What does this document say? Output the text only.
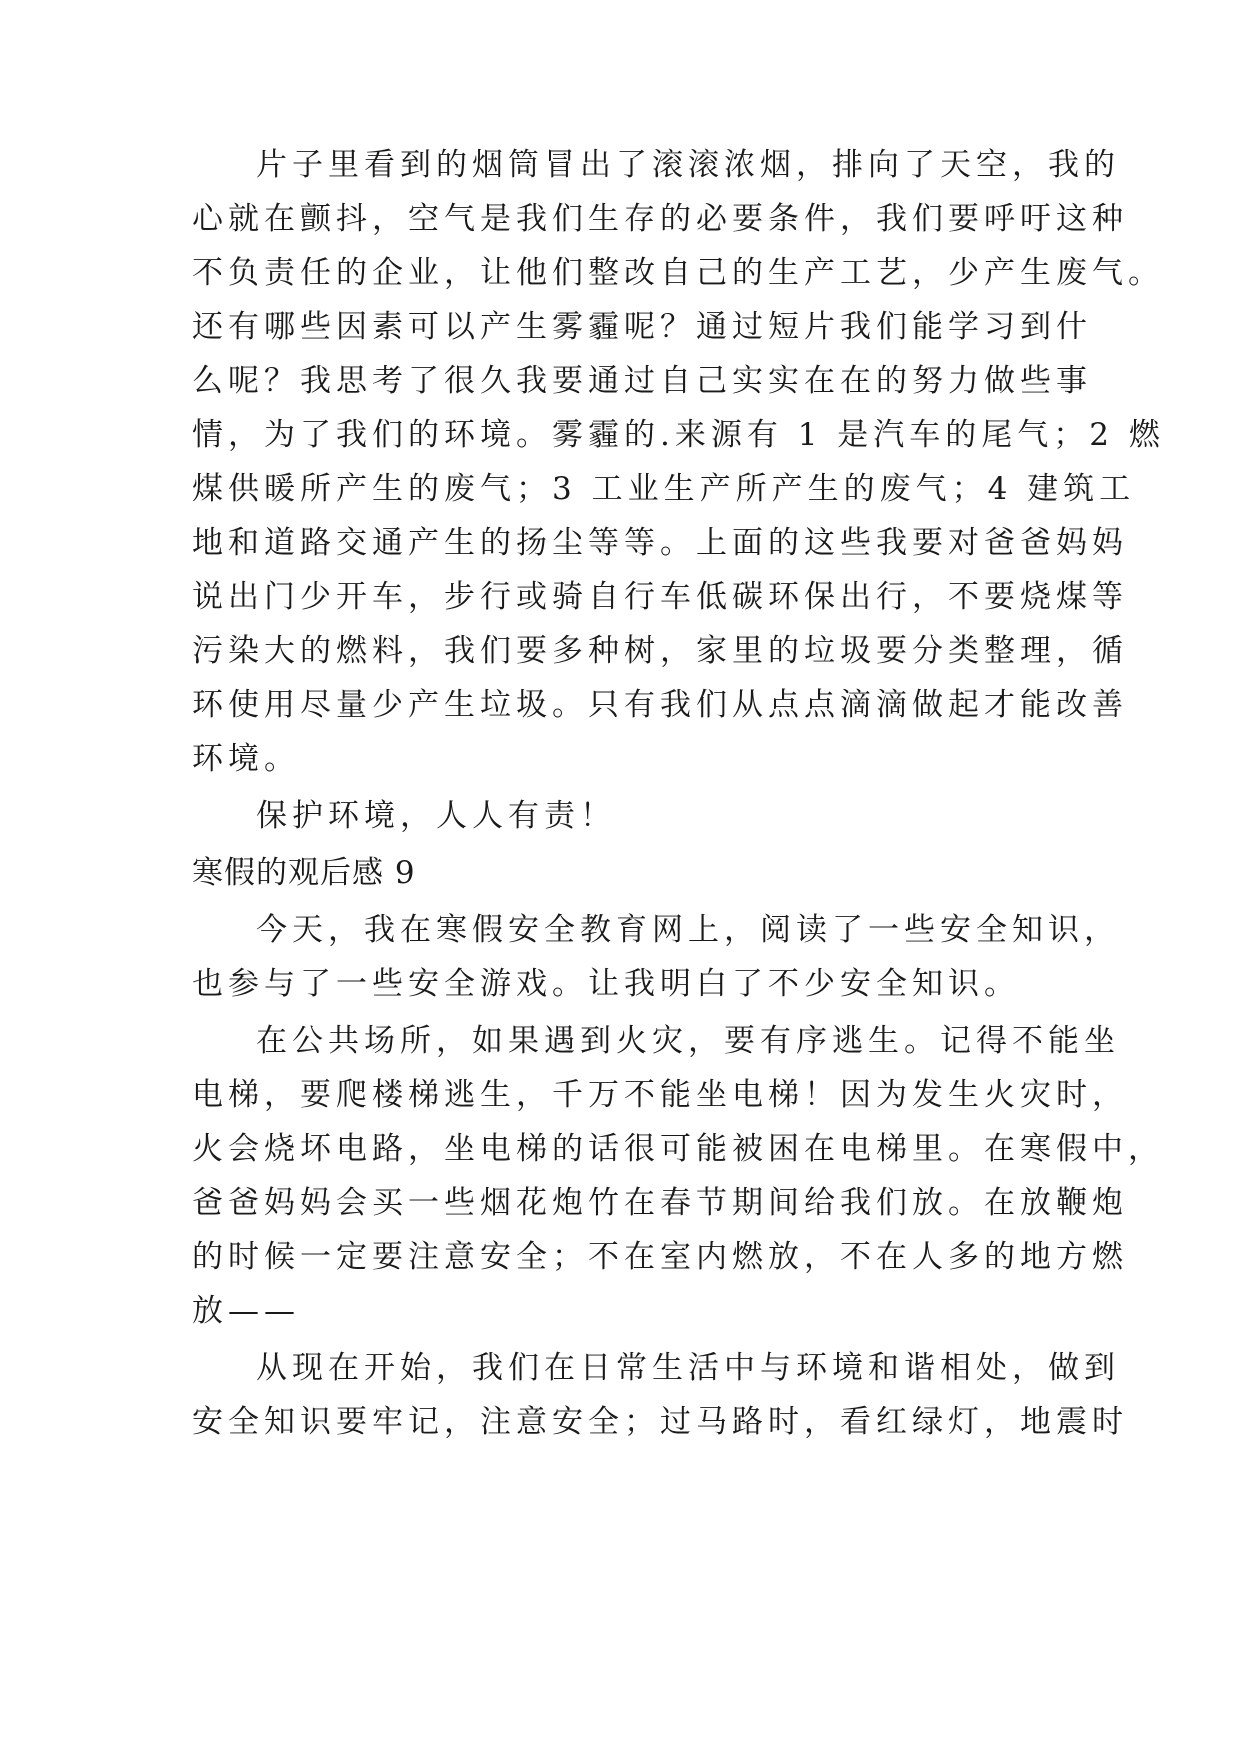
片子里看到的烟筒冒出了滚滚浓烟，排向了天空，我的
心就在颤抖，空气是我们生存的必要条件，我们要呼吁这种
不负责任的企业，让他们整改自己的生产工艺，少产生废气。
还有哪些因素可以产生雾霾呢？通过短片我们能学习到什
么呢？我思考了很久我要通过自己实实在在的努力做些事
情，为了我们的环境。雾霾的.来源有 1 是汽车的尾气；2 燃
煤供暖所产生的废气；3 工业生产所产生的废气；4 建筑工
地和道路交通产生的扬尘等等。上面的这些我要对爸爸妈妈
说出门少开车，步行或骑自行车低碳环保出行，不要烧煤等
污染大的燃料，我们要多种树，家里的垃圾要分类整理，循
环使用尽量少产生垃圾。只有我们从点点滴滴做起才能改善
环境。
保护环境，人人有责！
寒假的观后感 9
今天，我在寒假安全教育网上，阅读了一些安全知识，
也参与了一些安全游戏。让我明白了不少安全知识。
在公共场所，如果遇到火灾，要有序逃生。记得不能坐
电梯，要爬楼梯逃生，千万不能坐电梯！因为发生火灾时，
火会烧坏电路，坐电梯的话很可能被困在电梯里。在寒假中，
爸爸妈妈会买一些烟花炮竹在春节期间给我们放。在放鞭炮
的时候一定要注意安全；不在室内燃放，不在人多的地方燃
放——
从现在开始，我们在日常生活中与环境和谐相处，做到
安全知识要牢记，注意安全；过马路时，看红绿灯，地震时
